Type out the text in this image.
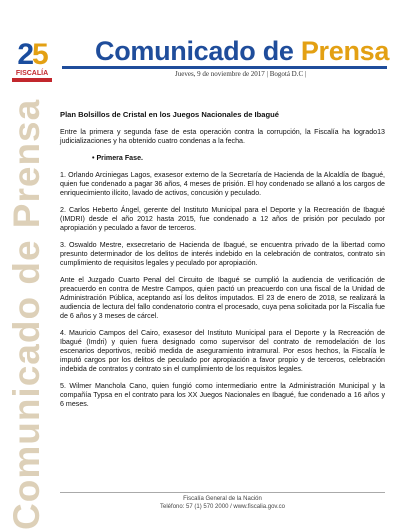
2 5
FISCALÍA
Comunicado de Prensa
Jueves, 9 de noviembre de 2017 | Bogotá D.C |
Comunicado de Prensa Plan Bolsillos de Cristal en los Juegos Nacionales de Ibagué

Entre la primera y segunda fase de esta operación contra la corrupción, la Fiscalía ha logrado13 judicializaciones y ha obtenido cuatro condenas a la fecha.

• Primera Fase.

1. Orlando Arciniegas Lagos, exasesor externo de la Secretaría de Hacienda de la Alcaldía de Ibagué, quien fue condenado a pagar 36 años, 4 meses de prisión. El hoy condenado se allanó a los cargos de enriquecimiento ilícito, lavado de activos, concusión y peculado.

2. Carlos Heberto Ángel, gerente del Instituto Municipal para el Deporte y la Recreación de Ibagué (IMDRI) desde el año 2012 hasta 2015, fue condenado a 12 años de prisión por peculado por apropiación y peculado a favor de terceros.

3. Oswaldo Mestre, exsecretario de Hacienda de Ibagué, se encuentra privado de la libertad como presunto determinador de los delitos de interés indebido en la celebración de contratos, contrato sin cumplimiento de requisitos legales y peculado por apropiación.

Ante el Juzgado Cuarto Penal del Circuito de Ibagué se cumplió la audiencia de verificación de preacuerdo en contra de Mestre Campos, quien pactó un preacuerdo con una fiscal de la Unidad de Administración Pública, aceptando así los delitos imputados. El 23 de enero de 2018, se realizará la audiencia de lectura del fallo condenatorio contra el procesado, cuya pena solicitada por la Fiscalía fue de 6 años y 3 meses de cárcel.

4. Mauricio Campos del Cairo, exasesor del Instituto Municipal para el Deporte y la Recreación de Ibagué (Imdri) y quien fuera designado como supervisor del contrato de remodelación de los escenarios deportivos, recibió medida de aseguramiento intramural. Por esos hechos, la Fiscalía le imputó cargos por los delitos de peculado por apropiación a favor propio y de terceros, celebración indebida de contratos y contrato sin el cumplimiento de los requisitos legales.

5. Wilmer Manchola Cano, quien fungió como intermediario entre la Administración Municipal y la compañía Typsa en el contrato para los XX Juegos Nacionales en Ibagué, fue condenado a 16 años y 6 meses.

Fiscalía General de la Nación
Teléfono: 57 (1) 570 2000 / www.fiscalia.gov.co
